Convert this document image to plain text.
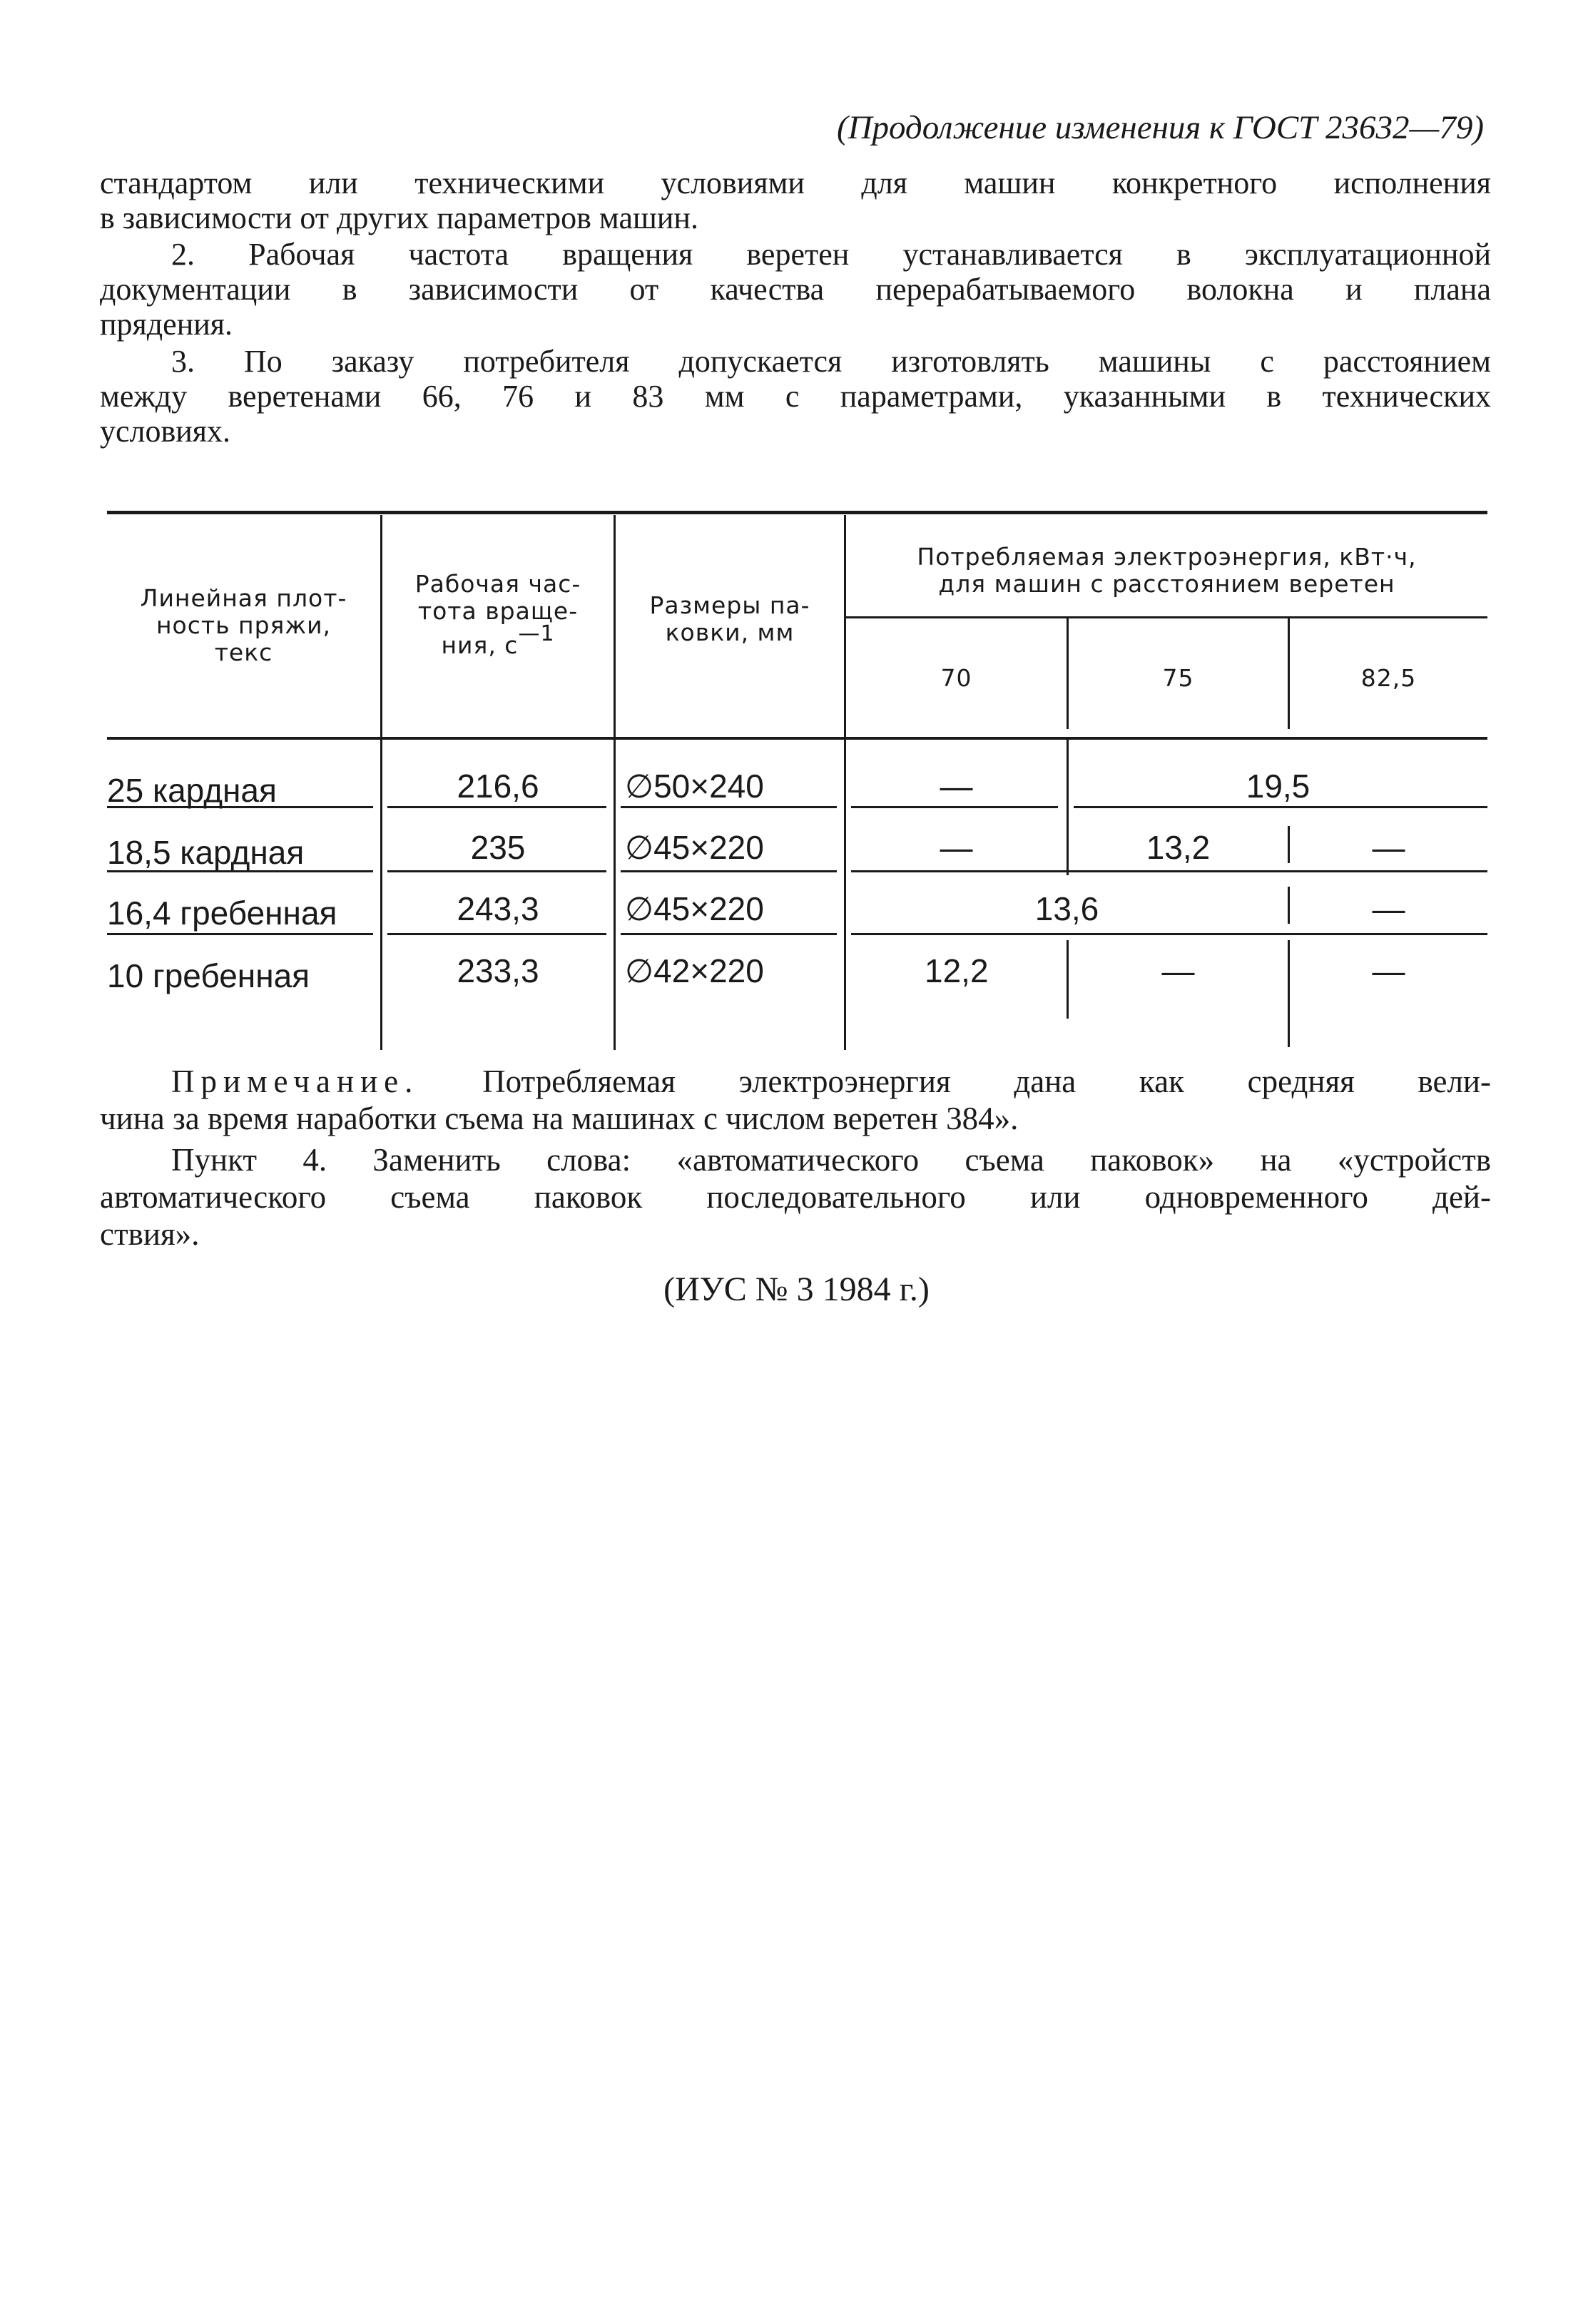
(Продолжение изменения к ГОСТ 23632—79)

стандартом или техническими условиями для машин конкретного исполнения
в зависимости от других параметров машин.

2. Рабочая частота вращения веретен устанавливается в эксплуатационной
документации в зависимости от качества перерабатываемого волокна и плана
прядения.

3. По заказу потребителя допускается изготовлять машины с расстоянием
между веретенами 66, 76 и 83 мм с параметрами, указанными в технических
условиях.

Линейная плот-
ность пряжи,
текс
Рабочая час-
тота враще-
ния, $с^{—1}$
Размеры па-
ковки, мм
Потребляемая электроэнергия, кВт·ч,
для машин с расстоянием веретен
70	75	82,5
25 кардная	216,6	∅50×240	—	19,5
18,5 кардная	235	∅45×220	—	13,2	—
16,4 гребенная	243,3	∅45×220	13,6	—
10 гребенная	233,3	∅42×220	12,2	—	—

Примечание. Потребляемая электроэнергия дана как средняя вели-
чина за время наработки съема на машинах с числом веретен 384».

Пункт 4. Заменить слова: «автоматического съема паковок» на «устройств
автоматического съема паковок последовательного или одновременного дей-
ствия».

(ИУС № 3 1984 г.)
